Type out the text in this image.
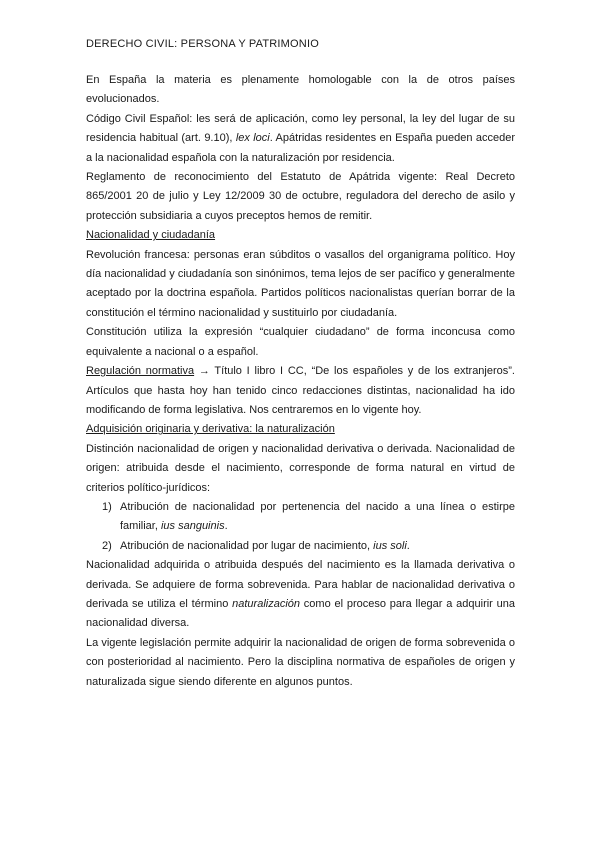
DERECHO CIVIL: PERSONA Y PATRIMONIO

En España la materia es plenamente homologable con la de otros países evolucionados.

Código Civil Español: les será de aplicación, como ley personal, la ley del lugar de su residencia habitual (art. 9.10), lex loci. Apátridas residentes en España pueden acceder a la nacionalidad española con la naturalización por residencia.

Reglamento de reconocimiento del Estatuto de Apátrida vigente: Real Decreto 865/2001 20 de julio y Ley 12/2009 30 de octubre, reguladora del derecho de asilo y protección subsidiaria a cuyos preceptos hemos de remitir.

Nacionalidad y ciudadanía

Revolución francesa: personas eran súbditos o vasallos del organigrama político. Hoy día nacionalidad y ciudadanía son sinónimos, tema lejos de ser pacífico y generalmente aceptado por la doctrina española. Partidos políticos nacionalistas querían borrar de la constitución el término nacionalidad y sustituirlo por ciudadanía.

Constitución utiliza la expresión “cualquier ciudadano” de forma inconcusa como equivalente a nacional o a español.

Regulación normativa → Título I libro I CC, “De los españoles y de los extranjeros”. Artículos que hasta hoy han tenido cinco redacciones distintas, nacionalidad ha ido modificando de forma legislativa. Nos centraremos en lo vigente hoy.

Adquisición originaria y derivativa: la naturalización

Distinción nacionalidad de origen y nacionalidad derivativa o derivada. Nacionalidad de origen: atribuida desde el nacimiento, corresponde de forma natural en virtud de criterios político-jurídicos:

1) Atribución de nacionalidad por pertenencia del nacido a una línea o estirpe familiar, ius sanguinis.
2) Atribución de nacionalidad por lugar de nacimiento, ius soli.

Nacionalidad adquirida o atribuida después del nacimiento es la llamada derivativa o derivada. Se adquiere de forma sobrevenida. Para hablar de nacionalidad derivativa o derivada se utiliza el término naturalización como el proceso para llegar a adquirir una nacionalidad diversa.

La vigente legislación permite adquirir la nacionalidad de origen de forma sobrevenida o con posterioridad al nacimiento. Pero la disciplina normativa de españoles de origen y naturalizada sigue siendo diferente en algunos puntos.
